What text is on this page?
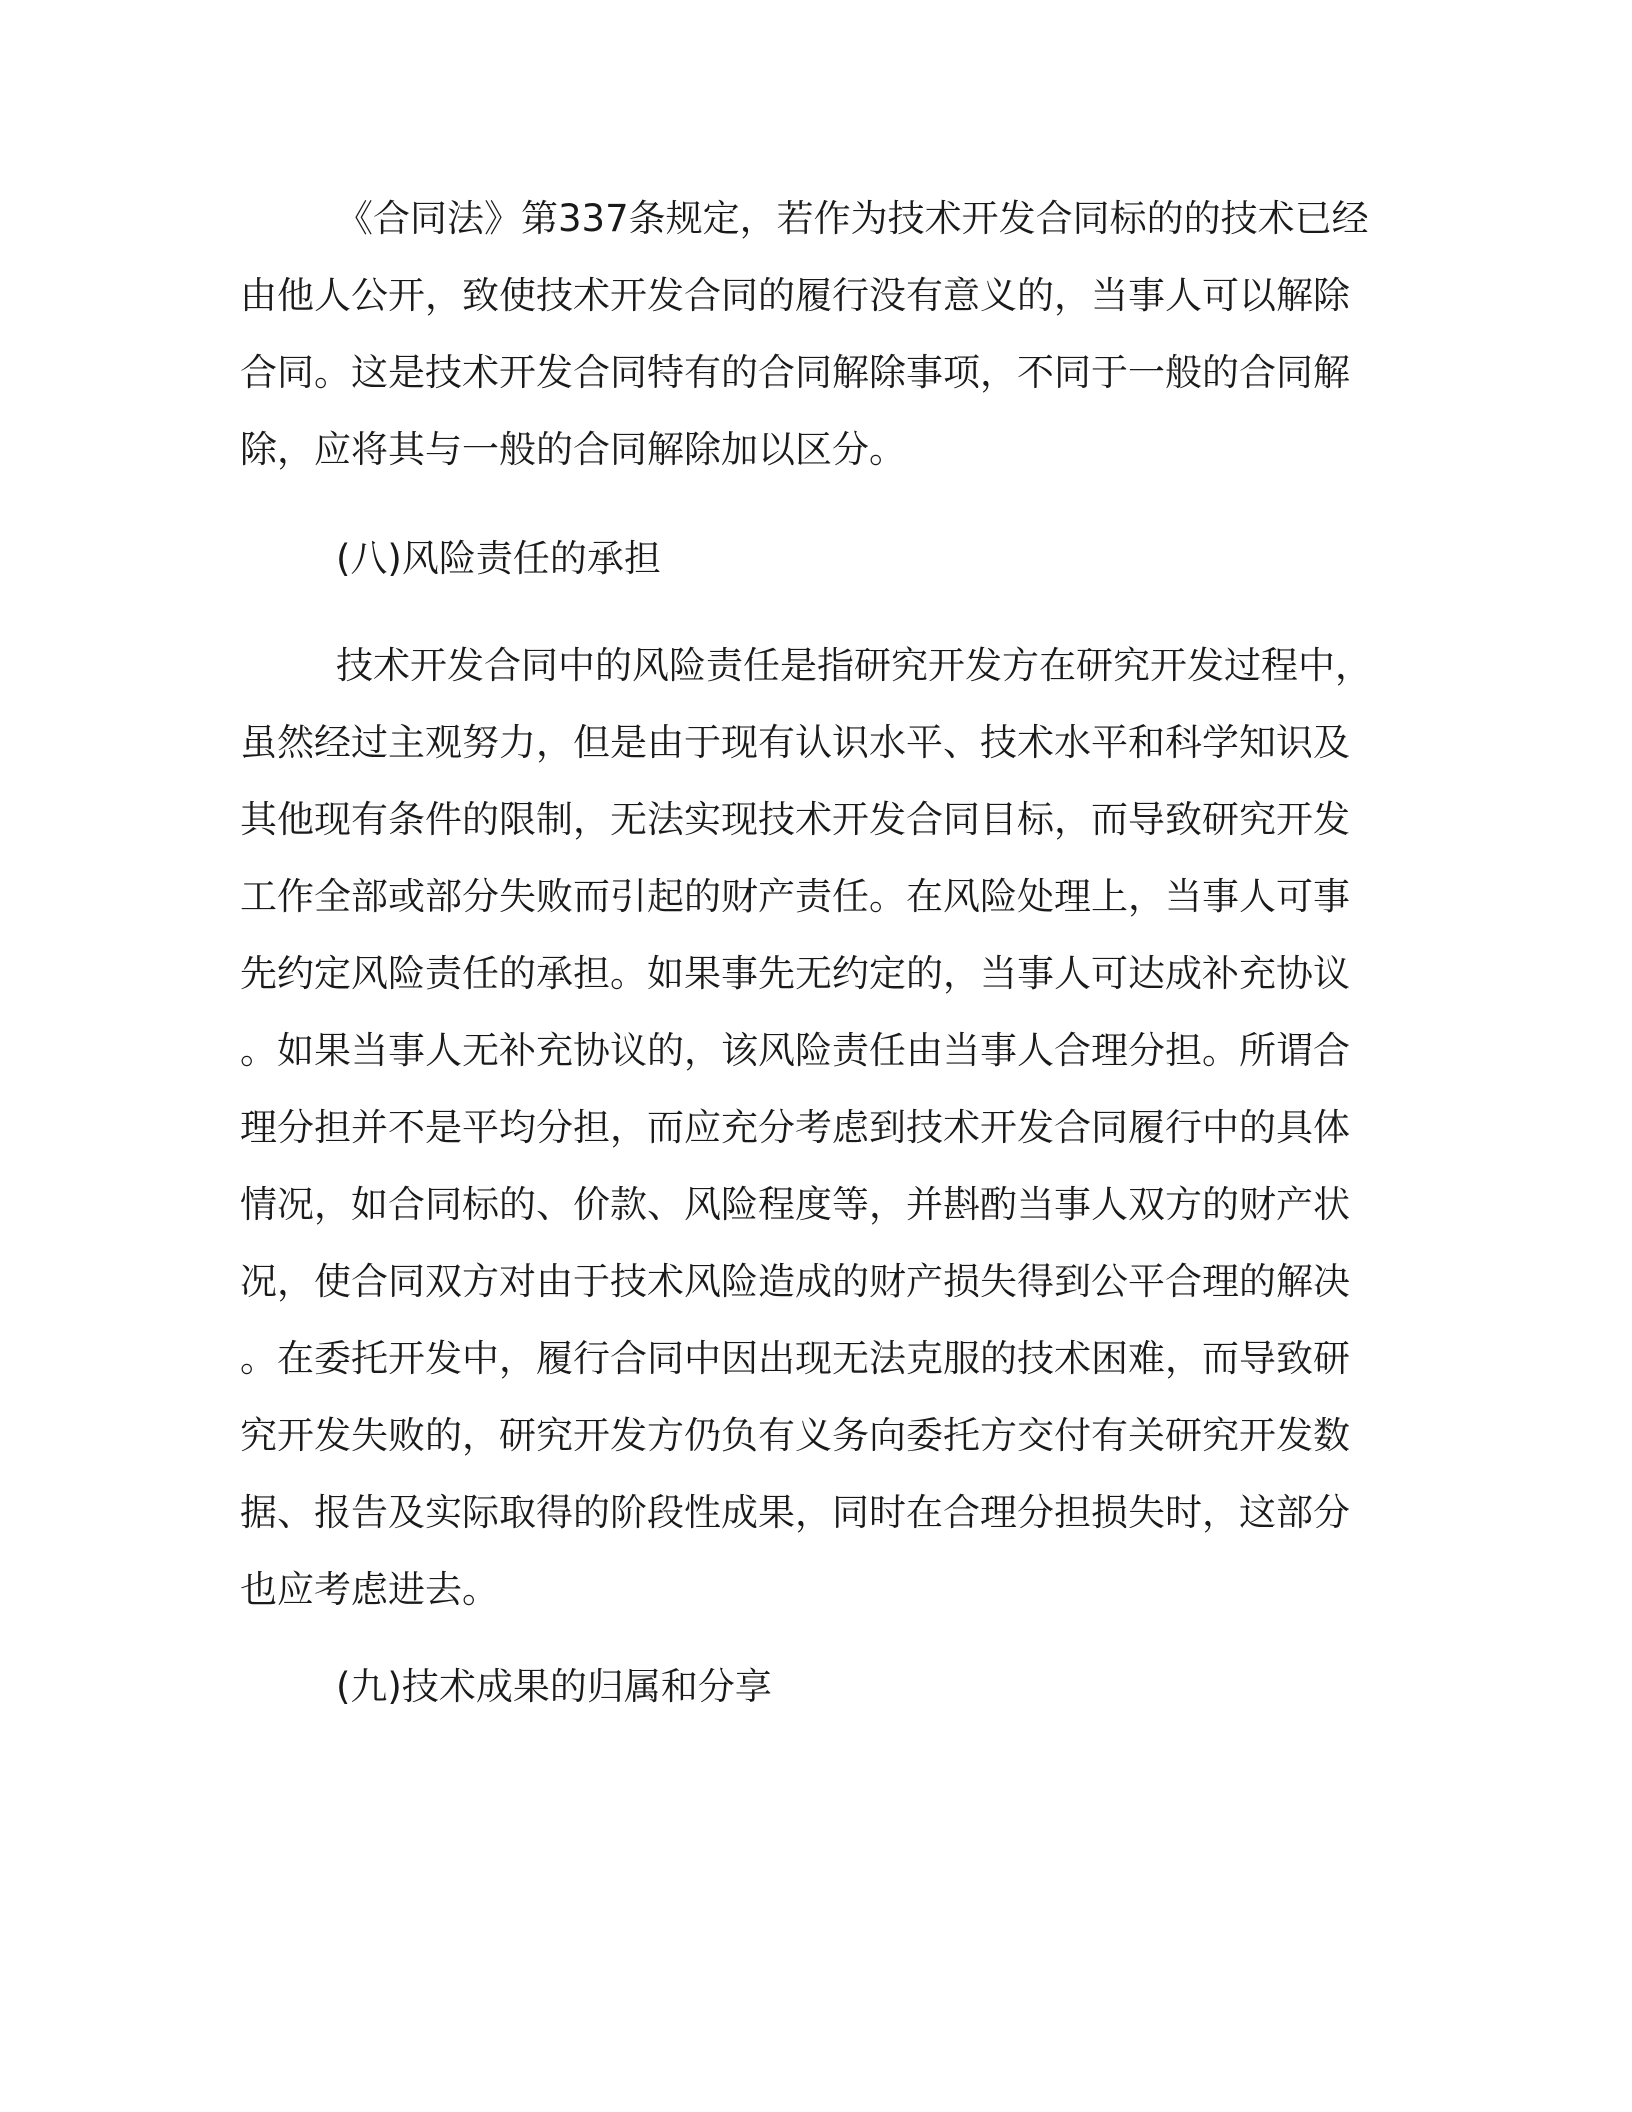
《合同法》第337条规定，若作为技术开发合同标的的技术已经由他人公开，致使技术开发合同的履行没有意义的，当事人可以解除合同。这是技术开发合同特有的合同解除事项，不同于一般的合同解除，应将其与一般的合同解除加以区分。

(八)风险责任的承担

技术开发合同中的风险责任是指研究开发方在研究开发过程中，虽然经过主观努力，但是由于现有认识水平、技术水平和科学知识及其他现有条件的限制，无法实现技术开发合同目标，而导致研究开发工作全部或部分失败而引起的财产责任。在风险处理上，当事人可事先约定风险责任的承担。如果事先无约定的，当事人可达成补充协议。如果当事人无补充协议的，该风险责任由当事人合理分担。所谓合理分担并不是平均分担，而应充分考虑到技术开发合同履行中的具体情况，如合同标的、价款、风险程度等，并斟酌当事人双方的财产状况，使合同双方对由于技术风险造成的财产损失得到公平合理的解决。在委托开发中，履行合同中因出现无法克服的技术困难，而导致研究开发失败的，研究开发方仍负有义务向委托方交付有关研究开发数据、报告及实际取得的阶段性成果，同时在合理分担损失时，这部分也应考虑进去。

(九)技术成果的归属和分享
